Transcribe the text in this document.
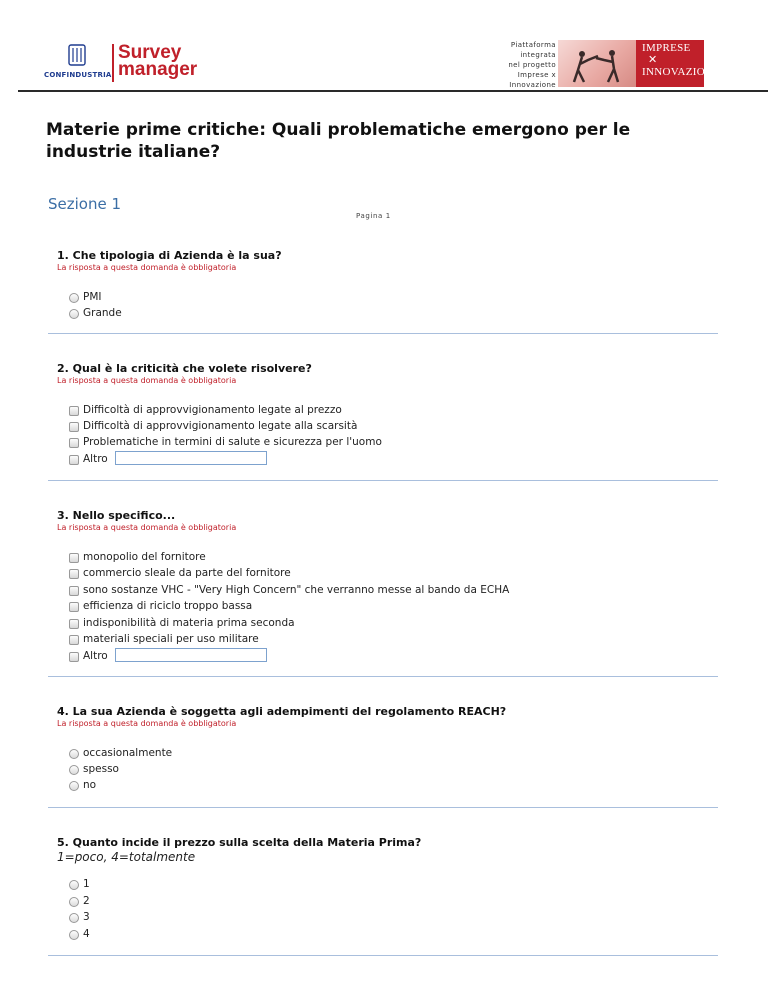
CONFINDUSTRIA
Survey
manager
Piattaforma
integrata
nel progetto
Imprese x
Innovazione
IMPRESE
✕
INNOVAZIONE
Materie prime critiche: Quali problematiche emergono per le industrie italiane?
Sezione 1
Pagina 1
1. Che tipologia di Azienda è la sua?
La risposta a questa domanda è obbligatoria
PMI
Grande
2. Qual è la criticità che volete risolvere?
La risposta a questa domanda è obbligatoria
Difficoltà di approvvigionamento legate al prezzo
Difficoltà di approvvigionamento legate alla scarsità
Problematiche in termini di salute e sicurezza per l'uomo
Altro
3. Nello specifico...
La risposta a questa domanda è obbligatoria
monopolio del fornitore
commercio sleale da parte del fornitore
sono sostanze VHC - "Very High Concern" che verranno messe al bando da ECHA
efficienza di riciclo troppo bassa
indisponibilità di materia prima seconda
materiali speciali per uso militare
Altro
4. La sua Azienda è soggetta agli adempimenti del regolamento REACH?
La risposta a questa domanda è obbligatoria
occasionalmente
spesso
no
5. Quanto incide il prezzo sulla scelta della Materia Prima?
1=poco, 4=totalmente
1
2
3
4
